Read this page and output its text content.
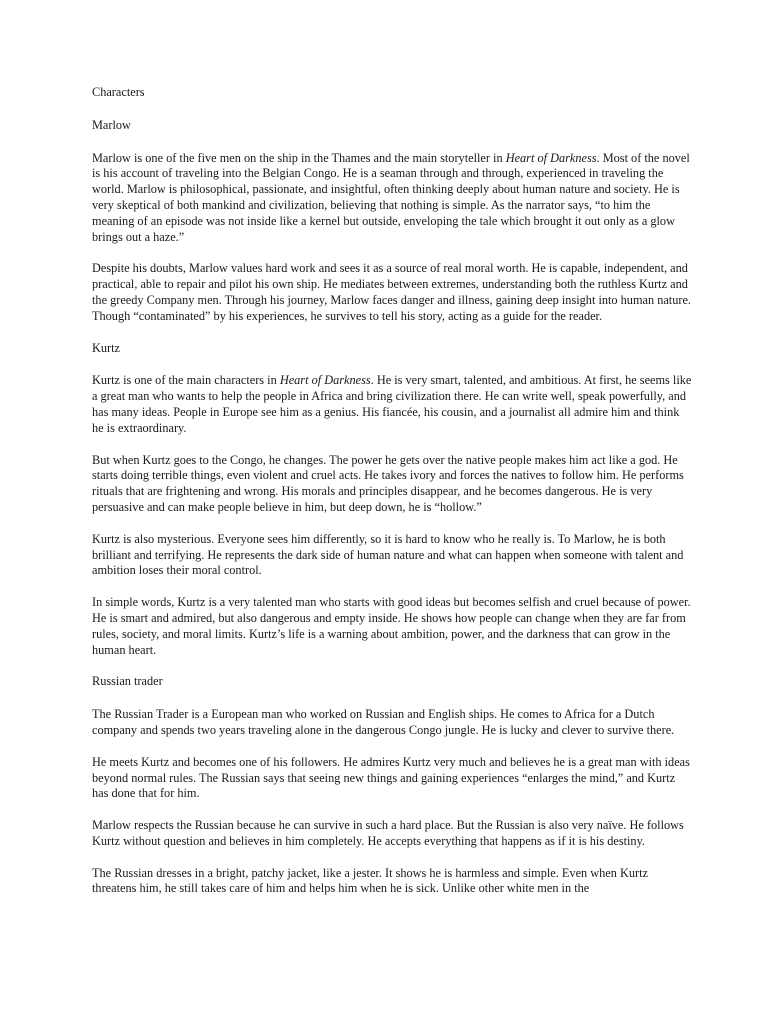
Characters
Marlow

Marlow is one of the five men on the ship in the Thames and the main storyteller in Heart of Darkness. Most of the novel is his account of traveling into the Belgian Congo. He is a seaman through and through, experienced in traveling the world. Marlow is philosophical, passionate, and insightful, often thinking deeply about human nature and society. He is very skeptical of both mankind and civilization, believing that nothing is simple. As the narrator says, “to him the meaning of an episode was not inside like a kernel but outside, enveloping the tale which brought it out only as a glow brings out a haze.”

Despite his doubts, Marlow values hard work and sees it as a source of real moral worth. He is capable, independent, and practical, able to repair and pilot his own ship. He mediates between extremes, understanding both the ruthless Kurtz and the greedy Company men. Through his journey, Marlow faces danger and illness, gaining deep insight into human nature. Though “contaminated” by his experiences, he survives to tell his story, acting as a guide for the reader.

Kurtz

Kurtz is one of the main characters in Heart of Darkness. He is very smart, talented, and ambitious. At first, he seems like a great man who wants to help the people in Africa and bring civilization there. He can write well, speak powerfully, and has many ideas. People in Europe see him as a genius. His fiancée, his cousin, and a journalist all admire him and think he is extraordinary.

But when Kurtz goes to the Congo, he changes. The power he gets over the native people makes him act like a god. He starts doing terrible things, even violent and cruel acts. He takes ivory and forces the natives to follow him. He performs rituals that are frightening and wrong. His morals and principles disappear, and he becomes dangerous. He is very persuasive and can make people believe in him, but deep down, he is “hollow.”

Kurtz is also mysterious. Everyone sees him differently, so it is hard to know who he really is. To Marlow, he is both brilliant and terrifying. He represents the dark side of human nature and what can happen when someone with talent and ambition loses their moral control.

In simple words, Kurtz is a very talented man who starts with good ideas but becomes selfish and cruel because of power. He is smart and admired, but also dangerous and empty inside. He shows how people can change when they are far from rules, society, and moral limits. Kurtz’s life is a warning about ambition, power, and the darkness that can grow in the human heart.

Russian trader

The Russian Trader is a European man who worked on Russian and English ships. He comes to Africa for a Dutch company and spends two years traveling alone in the dangerous Congo jungle. He is lucky and clever to survive there.

He meets Kurtz and becomes one of his followers. He admires Kurtz very much and believes he is a great man with ideas beyond normal rules. The Russian says that seeing new things and gaining experiences “enlarges the mind,” and Kurtz has done that for him.

Marlow respects the Russian because he can survive in such a hard place. But the Russian is also very naïve. He follows Kurtz without question and believes in him completely. He accepts everything that happens as if it is his destiny.

The Russian dresses in a bright, patchy jacket, like a jester. It shows he is harmless and simple. Even when Kurtz threatens him, he still takes care of him and helps him when he is sick. Unlike other white men in the
